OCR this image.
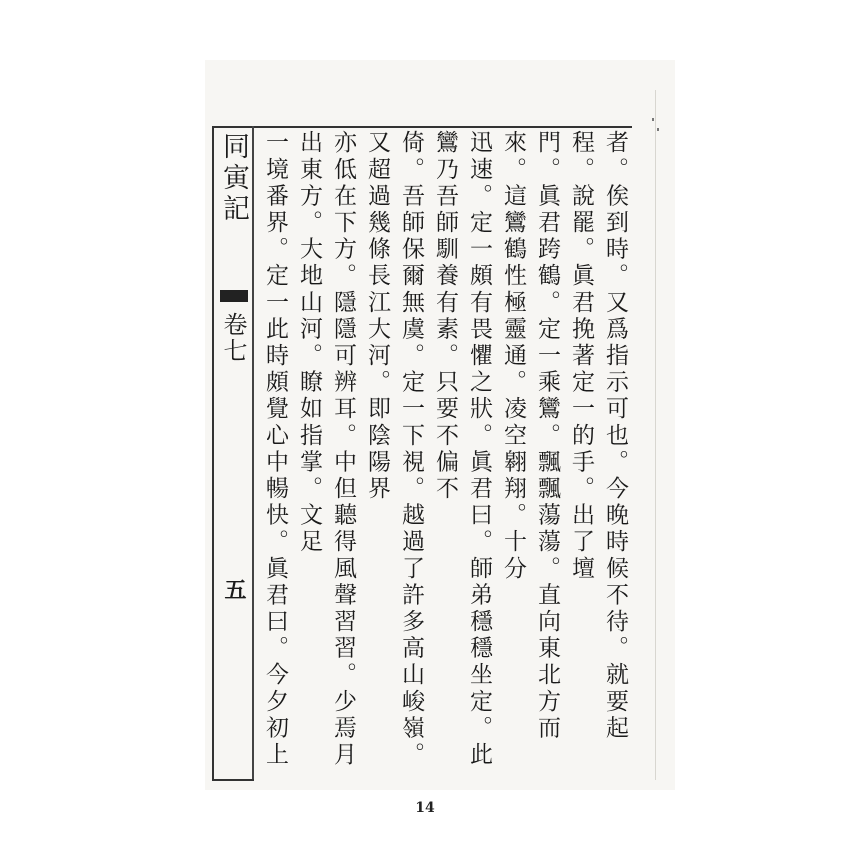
同寅記
卷七
五	者。俟到時。又爲指示可也。今晚時候不待。就要起程。說罷。眞君挽著定一的手。出了壇

門。眞君跨鶴。定一乘鸞。飄飄蕩蕩。直向東北方而來。這鸞鶴性極靈通。凌空翱翔。十分

迅速。定一頗有畏懼之狀。眞君曰。師弟穩穩坐定。此鸞乃吾師馴養有素。只要不偏不

倚。吾師保爾無虞。定一下視。越過了許多高山峻嶺。又超過幾條長江大河。即陰陽界

亦低在下方。隱隱可辨耳。中但聽得風聲習習。少焉月出東方。大地山河。瞭如指掌。文足

一境番界。定一此時頗覺心中暢快。眞君曰。今夕初上

14
